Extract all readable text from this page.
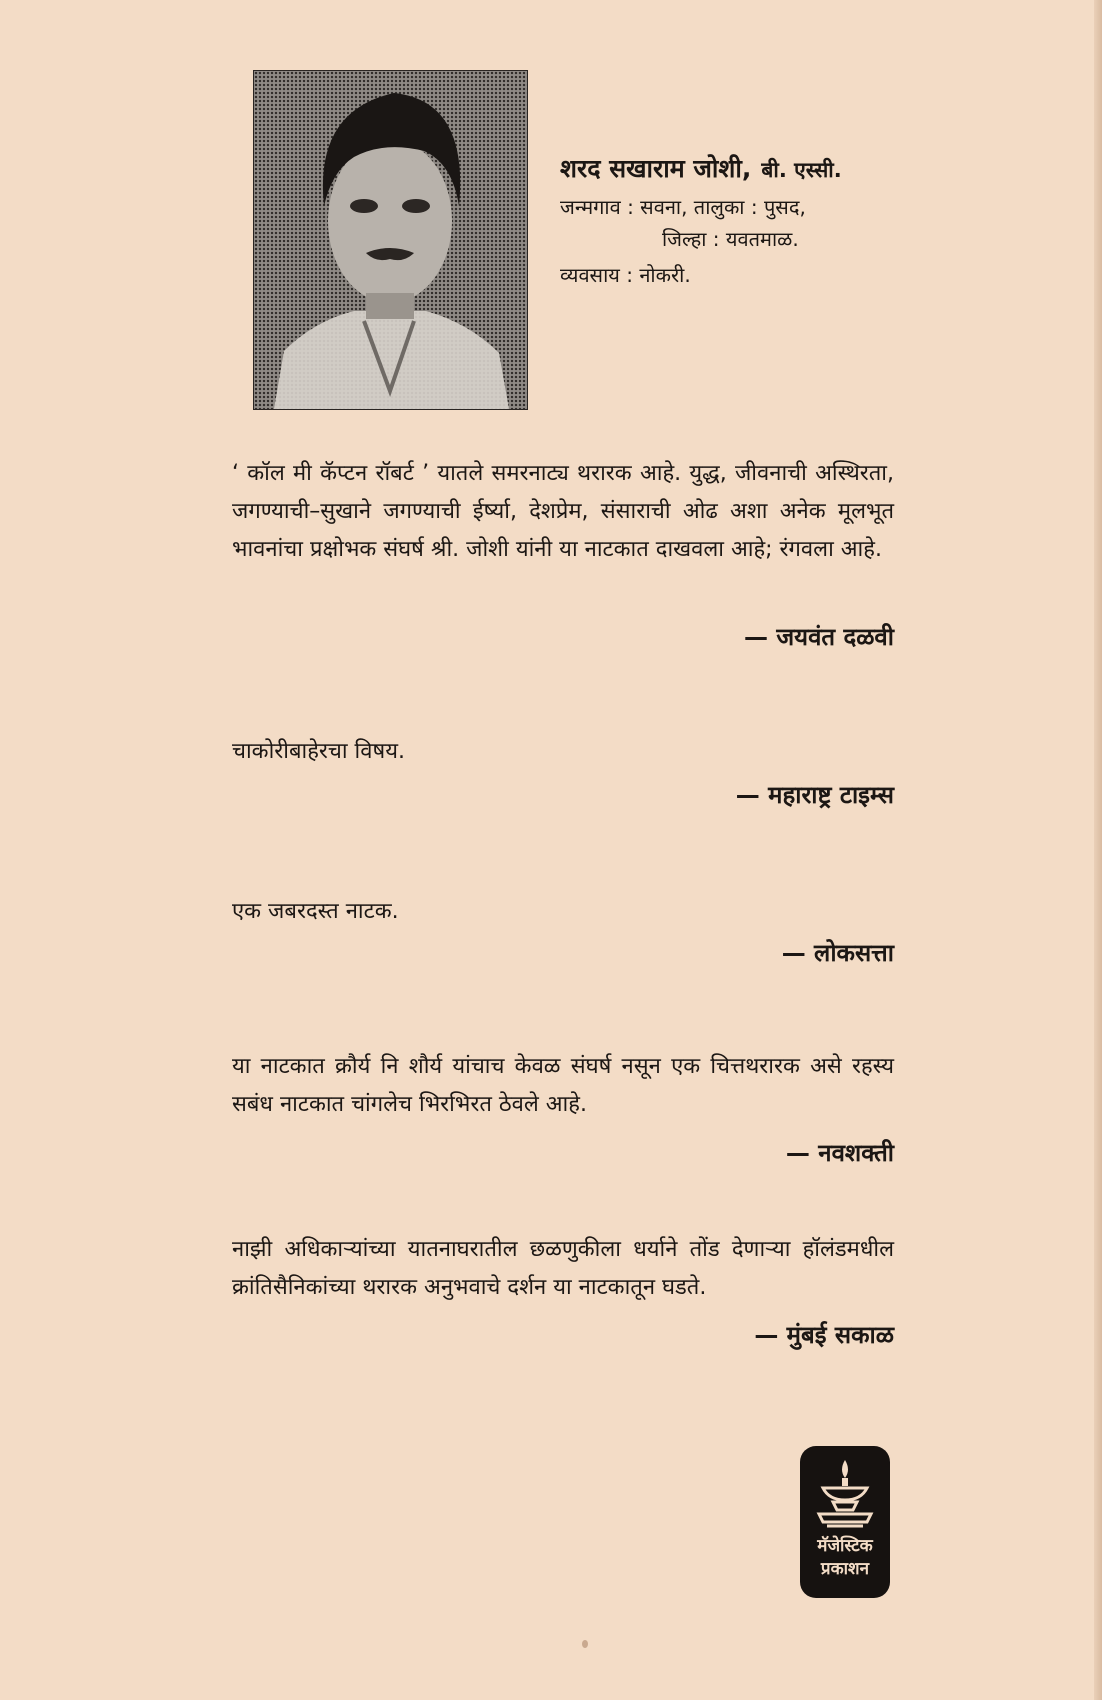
शरद सखाराम जोशी, बी. एस्सी.
जन्मगाव : सवना, तालुका : पुसद,
जिल्हा : यवतमाळ.
व्यवसाय : नोकरी.
‘ कॉल मी कॅप्टन रॉबर्ट ’ यातले समरनाट्य थरारक आहे. युद्ध, जीवनाची अस्थिरता, जगण्याची–सुखाने जगण्याची ईर्ष्या, देशप्रेम, संसाराची ओढ अशा अनेक मूलभूत भावनांचा प्रक्षोभक संघर्ष श्री. जोशी यांनी या नाटकात दाखवला आहे; रंगवला आहे.
— जयवंत दळवी
चाकोरीबाहेरचा विषय.
— महाराष्ट्र टाइम्स
एक जबरदस्त नाटक.
— लोकसत्ता
या नाटकात क्रौर्य नि शौर्य यांचाच केवळ संघर्ष नसून एक चित्तथरारक असे रहस्य सबंध नाटकात चांगलेच भिरभिरत ठेवले आहे.
— नवशक्ती
नाझी अधिकाऱ्यांच्या यातनाघरातील छळणुकीला धर्याने तोंड देणाऱ्या हॉलंडमधील क्रांतिसैनिकांच्या थरारक अनुभवाचे दर्शन या नाटकातून घडते.
— मुंबई सकाळ
मॅजेस्टिक
प्रकाशन
